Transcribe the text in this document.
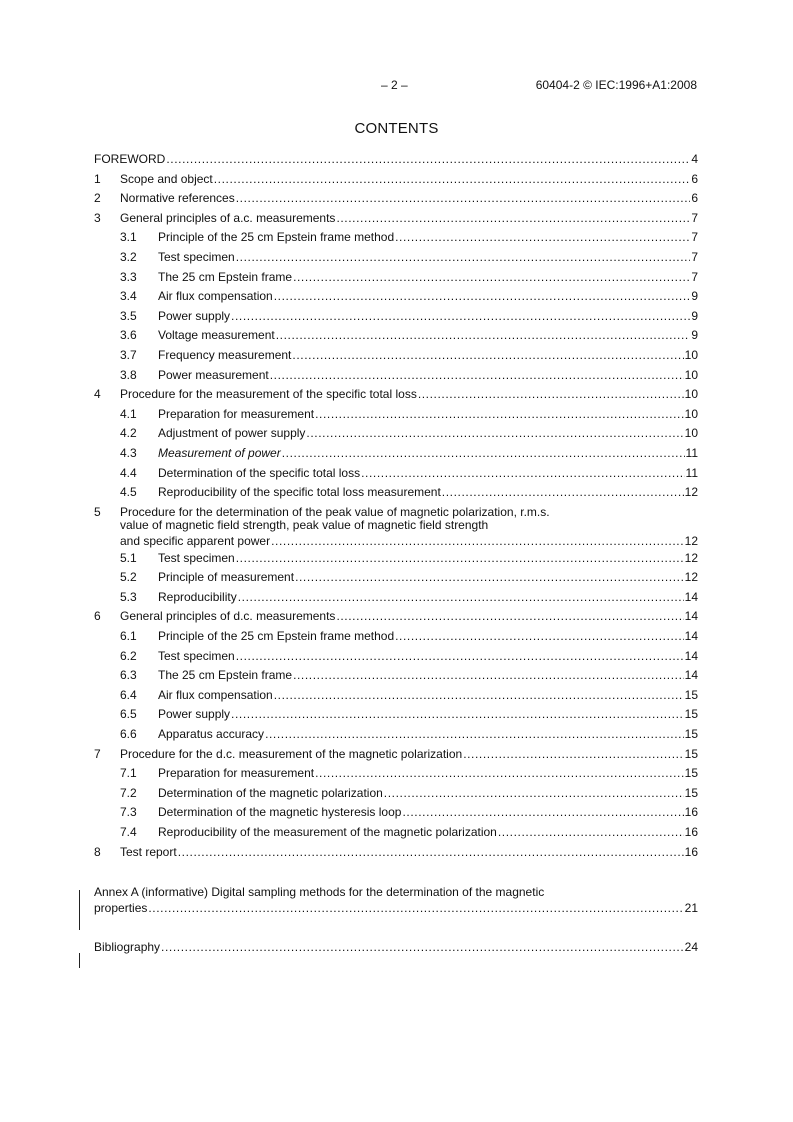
– 2 –	60404-2 © IEC:1996+A1:2008
CONTENTS
FOREWORD .....	4
1	Scope and object .....	6
2	Normative references .....	6
3	General principles of a.c. measurements .....	7
3.1	Principle of the 25 cm Epstein frame method .....	7
3.2	Test specimen .....	7
3.3	The 25 cm Epstein frame .....	7
3.4	Air flux compensation .....	9
3.5	Power supply .....	9
3.6	Voltage measurement .....	9
3.7	Frequency measurement .....	10
3.8	Power measurement .....	10
4	Procedure for the measurement of the specific total loss .....	10
4.1	Preparation for measurement .....	10
4.2	Adjustment of power supply .....	10
4.3	Measurement of power .....	11
4.4	Determination of the specific total loss .....	11
4.5	Reproducibility of the specific total loss measurement .....	12
5	Procedure for the determination of the peak value of magnetic polarization, r.m.s.
value of magnetic field strength, peak value of magnetic field strength
and specific apparent power .....	12
5.1	Test specimen .....	12
5.2	Principle of measurement .....	12
5.3	Reproducibility .....	14
6	General principles of d.c. measurements .....	14
6.1	Principle of the 25 cm Epstein frame method .....	14
6.2	Test specimen .....	14
6.3	The 25 cm Epstein frame .....	14
6.4	Air flux compensation .....	15
6.5	Power supply .....	15
6.6	Apparatus accuracy .....	15
7	Procedure for the d.c. measurement of the magnetic polarization .....	15
7.1	Preparation for measurement .....	15
7.2	Determination of the magnetic polarization .....	15
7.3	Determination of the magnetic hysteresis loop .....	16
7.4	Reproducibility of the measurement of the magnetic polarization .....	16
8	Test report .....	16
Annex A (informative) Digital sampling methods for the determination of the magnetic
properties .....	21
Bibliography .....	24
